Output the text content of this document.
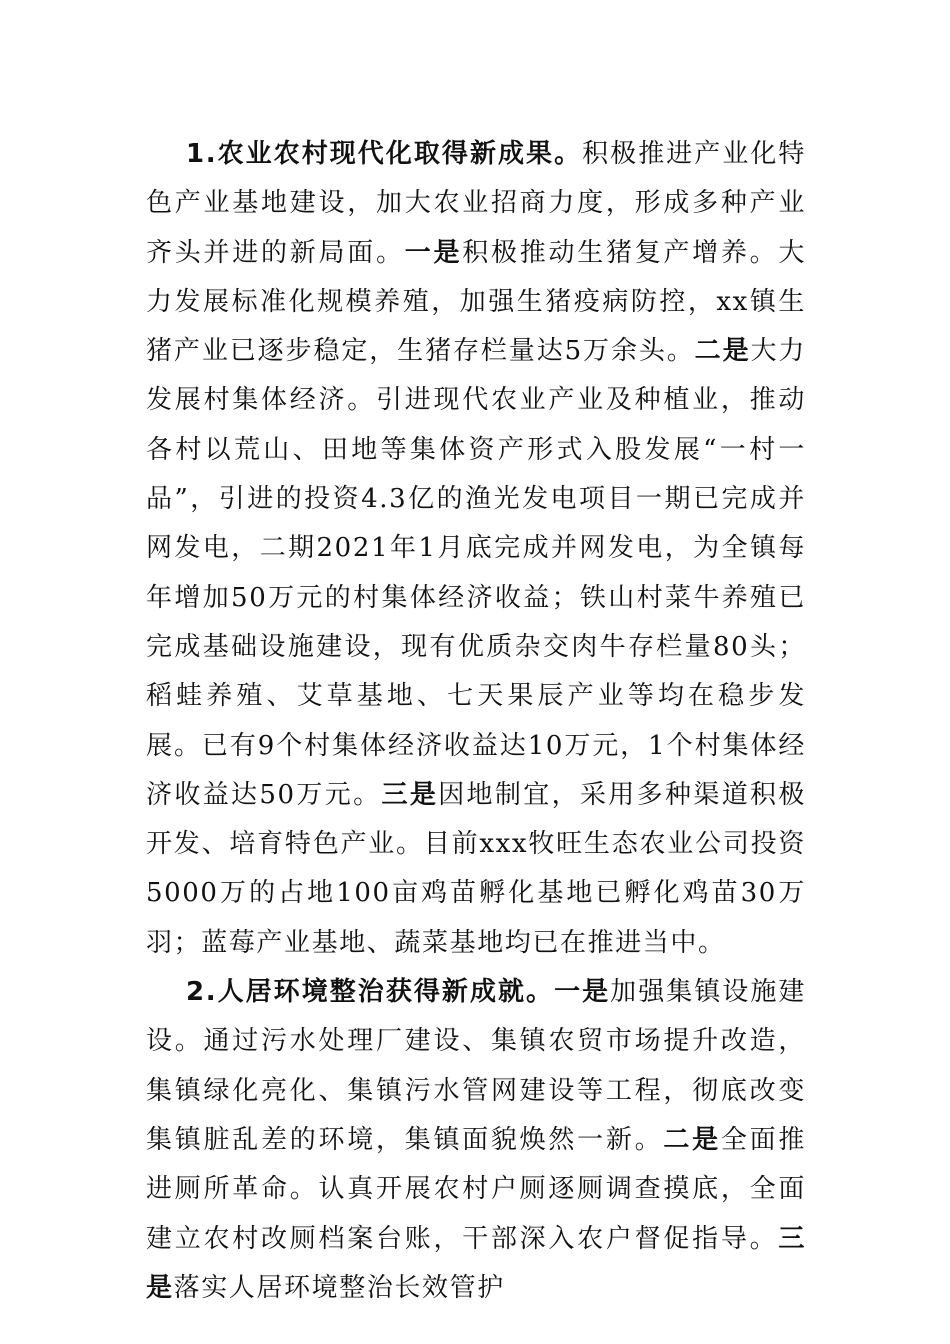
1.农业农村现代化取得新成果。积极推进产业化特色产业基地建设，加大农业招商力度，形成多种产业齐头并进的新局面。一是积极推动生猪复产增养。大力发展标准化规模养殖，加强生猪疫病防控，xx镇生猪产业已逐步稳定，生猪存栏量达5万余头。二是大力发展村集体经济。引进现代农业产业及种植业，推动各村以荒山、田地等集体资产形式入股发展“一村一品”，引进的投资4.3亿的渔光发电项目一期已完成并网发电，二期2021年1月底完成并网发电，为全镇每年增加50万元的村集体经济收益；铁山村菜牛养殖已完成基础设施建设，现有优质杂交肉牛存栏量80头；稻蛙养殖、艾草基地、七天果辰产业等均在稳步发展。已有9个村集体经济收益达10万元，1个村集体经济收益达50万元。三是因地制宜，采用多种渠道积极开发、培育特色产业。目前xxx牧旺生态农业公司投资5000万的占地100亩鸡苗孵化基地已孵化鸡苗30万羽；蓝莓产业基地、蔬菜基地均已在推进当中。

2.人居环境整治获得新成就。一是加强集镇设施建设。通过污水处理厂建设、集镇农贸市场提升改造，集镇绿化亮化、集镇污水管网建设等工程，彻底改变集镇脏乱差的环境，集镇面貌焕然一新。二是全面推进厕所革命。认真开展农村户厕逐厕调查摸底，全面建立农村改厕档案台账，干部深入农户督促指导。三是落实人居环境整治长效管护
